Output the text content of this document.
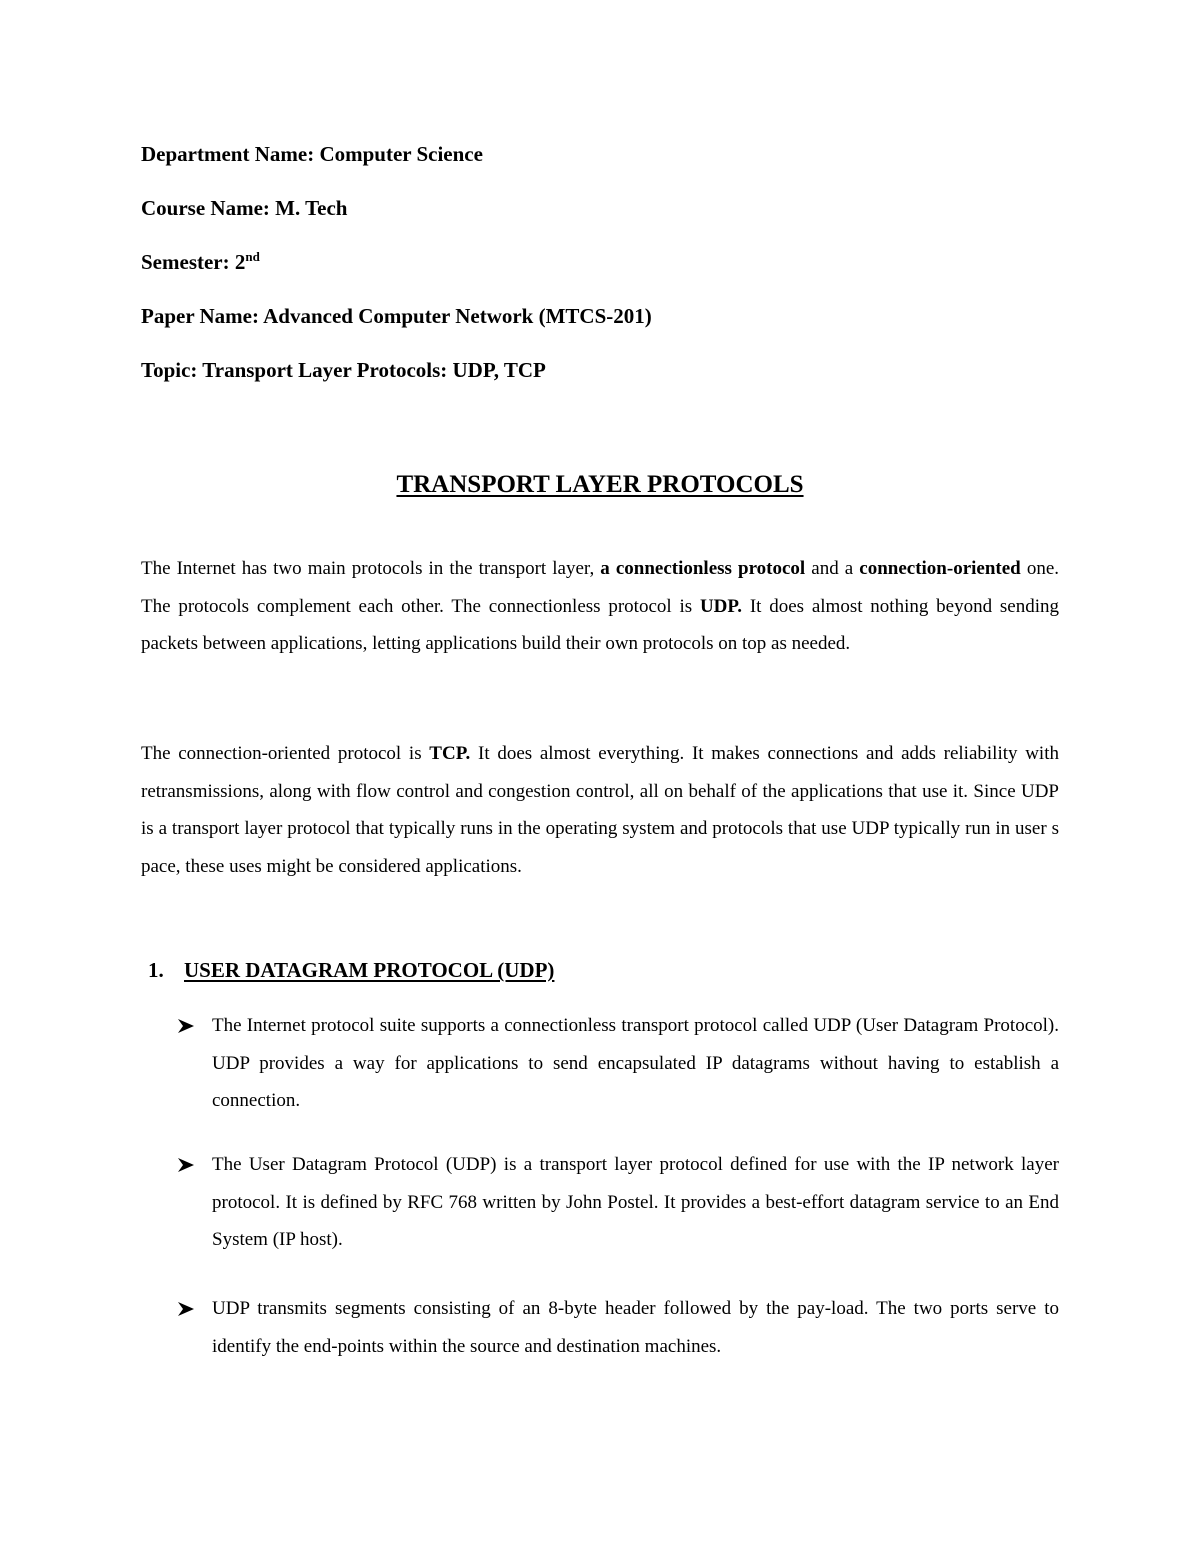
Department Name: Computer Science
Course Name: M. Tech
Semester: 2nd
Paper Name: Advanced Computer Network (MTCS-201)
Topic: Transport Layer Protocols: UDP, TCP
TRANSPORT LAYER PROTOCOLS

The Internet has two main protocols in the transport layer, a connectionless protocol and a connection-oriented one. The protocols complement each other. The connectionless protocol is UDP. It does almost nothing beyond sending packets between applications, letting applications build their own protocols on top as needed.

The connection-oriented protocol is TCP. It does almost everything. It makes connections and adds reliability with retransmissions, along with flow control and congestion control, all on behalf of the applications that use it. Since UDP is a transport layer protocol that typically runs in the operating system and protocols that use UDP typically run in user s pace, these uses might be considered applications.

1. USER DATAGRAM PROTOCOL (UDP)

The Internet protocol suite supports a connectionless transport protocol called UDP (User Datagram Protocol). UDP provides a way for applications to send encapsulated IP datagrams without having to establish a connection.

The User Datagram Protocol (UDP) is a transport layer protocol defined for use with the IP network layer protocol. It is defined by RFC 768 written by John Postel. It provides a best-effort datagram service to an End System (IP host).

UDP transmits segments consisting of an 8-byte header followed by the pay-load. The two ports serve to identify the end-points within the source and destination machines.
